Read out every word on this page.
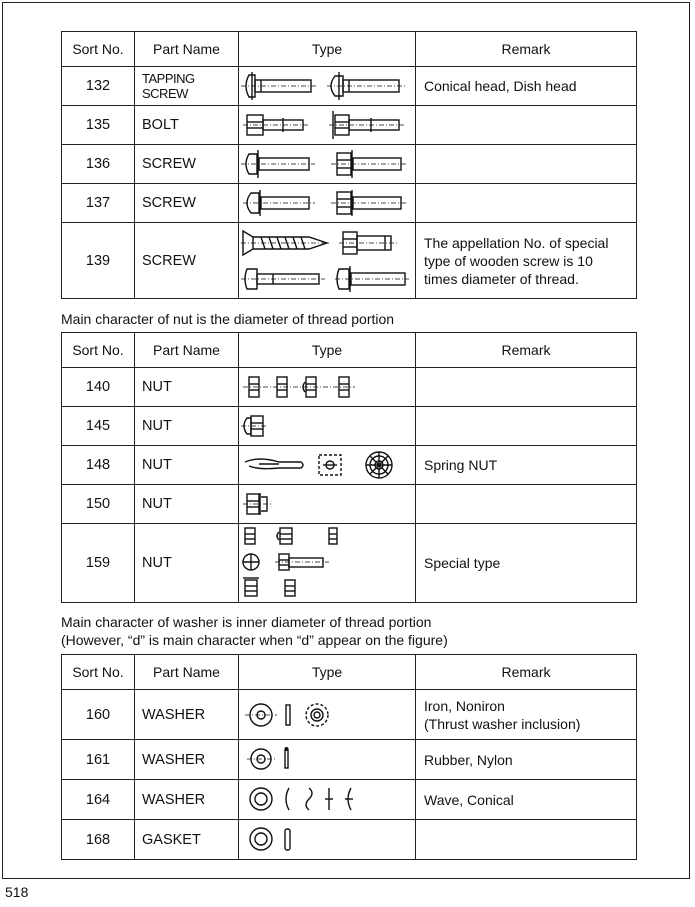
Sort No.	Part Name	Type	Remark
132	TAPPING SCREW		Conical head, Dish head
135	BOLT	

136	SCREW	

137	SCREW	

139	SCREW		The appellation No. of special
type of wooden screw is 10
times diameter of thread.
Main character of nut is the diameter of thread portion
Sort No.	Part Name	Type	Remark
140	NUT	

145	NUT	

148	NUT		Spring NUT
150	NUT	

159	NUT		Special type
Main character of washer is inner diameter of thread portion
(However, “d” is main character when “d” appear on the figure)
Sort No.	Part Name	Type	Remark
160	WASHER		Iron, Noniron
(Thrust washer inclusion)

161	WASHER		Rubber, Nylon
164	WASHER		Wave, Conical
168	GASKET	

518
